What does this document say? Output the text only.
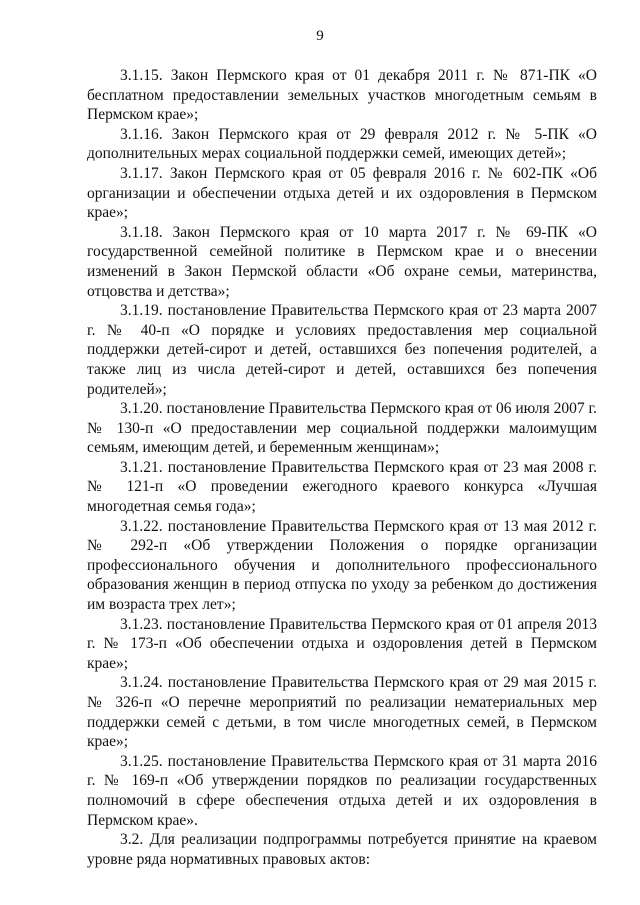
9

3.1.15. Закон Пермского края от 01 декабря 2011 г. № 871-ПК «О бесплатном предоставлении земельных участков многодетным семьям в Пермском крае»;

3.1.16. Закон Пермского края от 29 февраля 2012 г. № 5-ПК «О дополнительных мерах социальной поддержки семей, имеющих детей»;

3.1.17. Закон Пермского края от 05 февраля 2016 г. № 602-ПК «Об организации и обеспечении отдыха детей и их оздоровления в Пермском крае»;

3.1.18. Закон Пермского края от 10 марта 2017 г. № 69-ПК «О государственной семейной политике в Пермском крае и о внесении изменений в Закон Пермской области «Об охране семьи, материнства, отцовства и детства»;

3.1.19. постановление Правительства Пермского края от 23 марта 2007 г. № 40-п «О порядке и условиях предоставления мер социальной поддержки детей-сирот и детей, оставшихся без попечения родителей, а также лиц из числа детей-сирот и детей, оставшихся без попечения родителей»;

3.1.20. постановление Правительства Пермского края от 06 июля 2007 г. № 130-п «О предоставлении мер социальной поддержки малоимущим семьям, имеющим детей, и беременным женщинам»;

3.1.21. постановление Правительства Пермского края от 23 мая 2008 г. № 121-п «О проведении ежегодного краевого конкурса «Лучшая многодетная семья года»;

3.1.22. постановление Правительства Пермского края от 13 мая 2012 г. № 292-п «Об утверждении Положения о порядке организации профессионального обучения и дополнительного профессионального образования женщин в период отпуска по уходу за ребенком до достижения им возраста трех лет»;

3.1.23. постановление Правительства Пермского края от 01 апреля 2013 г. № 173-п «Об обеспечении отдыха и оздоровления детей в Пермском крае»;

3.1.24. постановление Правительства Пермского края от 29 мая 2015 г. № 326-п «О перечне мероприятий по реализации нематериальных мер поддержки семей с детьми, в том числе многодетных семей, в Пермском крае»;

3.1.25. постановление Правительства Пермского края от 31 марта 2016 г. № 169-п «Об утверждении порядков по реализации государственных полномочий в сфере обеспечения отдыха детей и их оздоровления в Пермском крае».

3.2. Для реализации подпрограммы потребуется принятие на краевом уровне ряда нормативных правовых актов:
